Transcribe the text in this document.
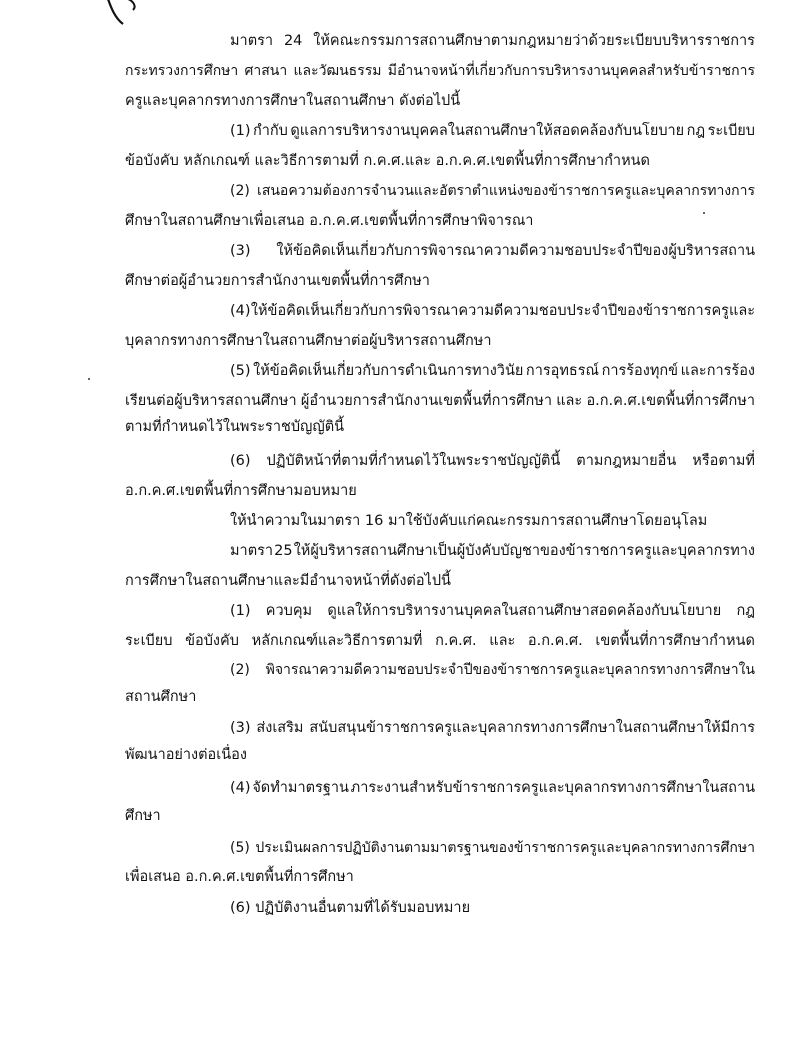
มาตรา 24 ให้คณะกรรมการสถานศึกษาตามกฎหมายว่าด้วยระเบียบบริหารราชการ
กระทรวงการศึกษา ศาสนา และวัฒนธรรม มีอำนาจหน้าที่เกี่ยวกับการบริหารงานบุคคลสำหรับข้าราชการ
ครูและบุคลากรทางการศึกษาในสถานศึกษา ดังต่อไปนี้
(1) กำกับ ดูแลการบริหารงานบุคคลในสถานศึกษาให้สอดคล้องกับนโยบาย กฎ ระเบียบ
ข้อบังคับ หลักเกณฑ์ และวิธีการตามที่ ก.ค.ศ.และ อ.ก.ค.ศ.เขตพื้นที่การศึกษากำหนด
(2) เสนอความต้องการจำนวนและอัตราตำแหน่งของข้าราชการครูและบุคลากรทางการ
ศึกษาในสถานศึกษาเพื่อเสนอ อ.ก.ค.ศ.เขตพื้นที่การศึกษาพิจารณา
(3) ให้ข้อคิดเห็นเกี่ยวกับการพิจารณาความดีความชอบประจำปีของผู้บริหารสถาน
ศึกษาต่อผู้อำนวยการสำนักงานเขตพื้นที่การศึกษา
(4) ให้ข้อคิดเห็นเกี่ยวกับการพิจารณาความดีความชอบประจำปีของข้าราชการครูและ
บุคลากรทางการศึกษาในสถานศึกษาต่อผู้บริหารสถานศึกษา
(5) ให้ข้อคิดเห็นเกี่ยวกับการดำเนินการทางวินัย การอุทธรณ์ การร้องทุกข์ และการร้อง
เรียนต่อผู้บริหารสถานศึกษา ผู้อำนวยการสำนักงานเขตพื้นที่การศึกษา และ อ.ก.ค.ศ.เขตพื้นที่การศึกษา
ตามที่กำหนดไว้ในพระราชบัญญัตินี้
(6) ปฏิบัติหน้าที่ตามที่กำหนดไว้ในพระราชบัญญัตินี้ ตามกฎหมายอื่น หรือตามที่
อ.ก.ค.ศ.เขตพื้นที่การศึกษามอบหมาย
ให้นำความในมาตรา 16 มาใช้บังคับแก่คณะกรรมการสถานศึกษาโดยอนุโลม
มาตรา 25 ให้ผู้บริหารสถานศึกษาเป็นผู้บังคับบัญชาของข้าราชการครูและบุคลากรทาง
การศึกษาในสถานศึกษาและมีอำนาจหน้าที่ดังต่อไปนี้
(1) ควบคุม ดูแลให้การบริหารงานบุคคลในสถานศึกษาสอดคล้องกับนโยบาย กฎ
ระเบียบ ข้อบังคับ หลักเกณฑ์และวิธีการตามที่ ก.ค.ศ. และ อ.ก.ค.ศ. เขตพื้นที่การศึกษากำหนด
(2) พิจารณาความดีความชอบประจำปีของข้าราชการครูและบุคลากรทางการศึกษาใน
สถานศึกษา
(3) ส่งเสริม สนับสนุนข้าราชการครูและบุคลากรทางการศึกษาในสถานศึกษาให้มีการ
พัฒนาอย่างต่อเนื่อง
(4) จัดทำมาตรฐาน ภาระงานสำหรับข้าราชการครูและบุคลากรทางการศึกษาในสถาน
ศึกษา
(5) ประเมินผลการปฏิบัติงานตามมาตรฐานของข้าราชการครูและบุคลากรทางการศึกษา
เพื่อเสนอ อ.ก.ค.ศ.เขตพื้นที่การศึกษา
(6) ปฏิบัติงานอื่นตามที่ได้รับมอบหมาย
